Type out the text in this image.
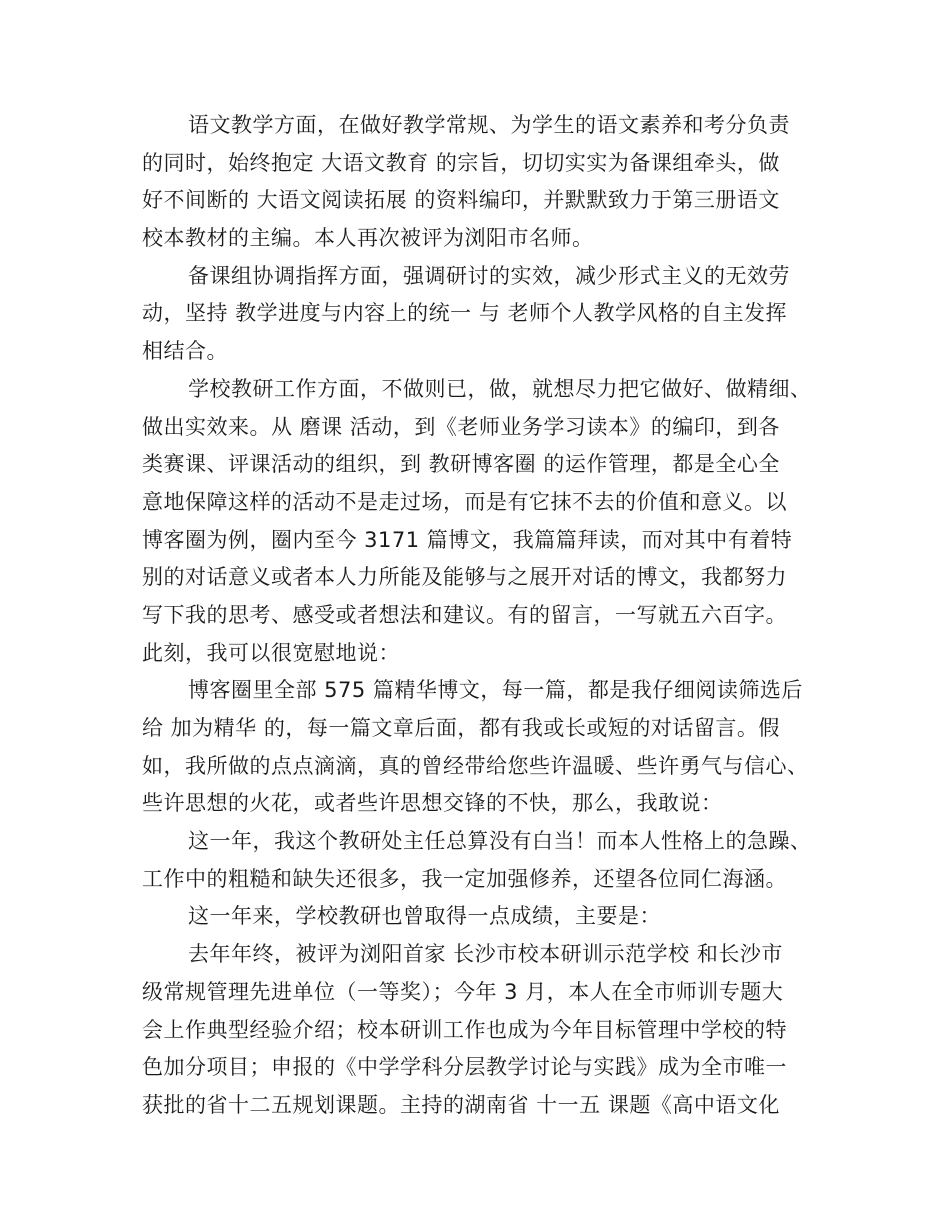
语文教学方面，在做好教学常规、为学生的语文素养和考分负责
的同时，始终抱定 大语文教育 的宗旨，切切实实为备课组牵头，做
好不间断的 大语文阅读拓展 的资料编印，并默默致力于第三册语文
校本教材的主编。本人再次被评为浏阳市名师。
备课组协调指挥方面，强调研讨的实效，减少形式主义的无效劳
动，坚持 教学进度与内容上的统一 与 老师个人教学风格的自主发挥
相结合。
学校教研工作方面，不做则已，做，就想尽力把它做好、做精细、
做出实效来。从 磨课 活动，到《老师业务学习读本》的编印，到各
类赛课、评课活动的组织，到 教研博客圈 的运作管理，都是全心全
意地保障这样的活动不是走过场，而是有它抹不去的价值和意义。以
博客圈为例，圈内至今 3171 篇博文，我篇篇拜读，而对其中有着特
别的对话意义或者本人力所能及能够与之展开对话的博文，我都努力
写下我的思考、感受或者想法和建议。有的留言，一写就五六百字。
此刻，我可以很宽慰地说：
博客圈里全部 575 篇精华博文，每一篇，都是我仔细阅读筛选后
给 加为精华 的，每一篇文章后面，都有我或长或短的对话留言。假
如，我所做的点点滴滴，真的曾经带给您些许温暖、些许勇气与信心、
些许思想的火花，或者些许思想交锋的不快，那么，我敢说：
这一年，我这个教研处主任总算没有白当！而本人性格上的急躁、
工作中的粗糙和缺失还很多，我一定加强修养，还望各位同仁海涵。
这一年来，学校教研也曾取得一点成绩，主要是：
去年年终，被评为浏阳首家 长沙市校本研训示范学校 和长沙市
级常规管理先进单位（一等奖）；今年 3 月，本人在全市师训专题大
会上作典型经验介绍；校本研训工作也成为今年目标管理中学校的特
色加分项目；申报的《中学学科分层教学讨论与实践》成为全市唯一
获批的省十二五规划课题。主持的湖南省 十一五 课题《高中语文化
